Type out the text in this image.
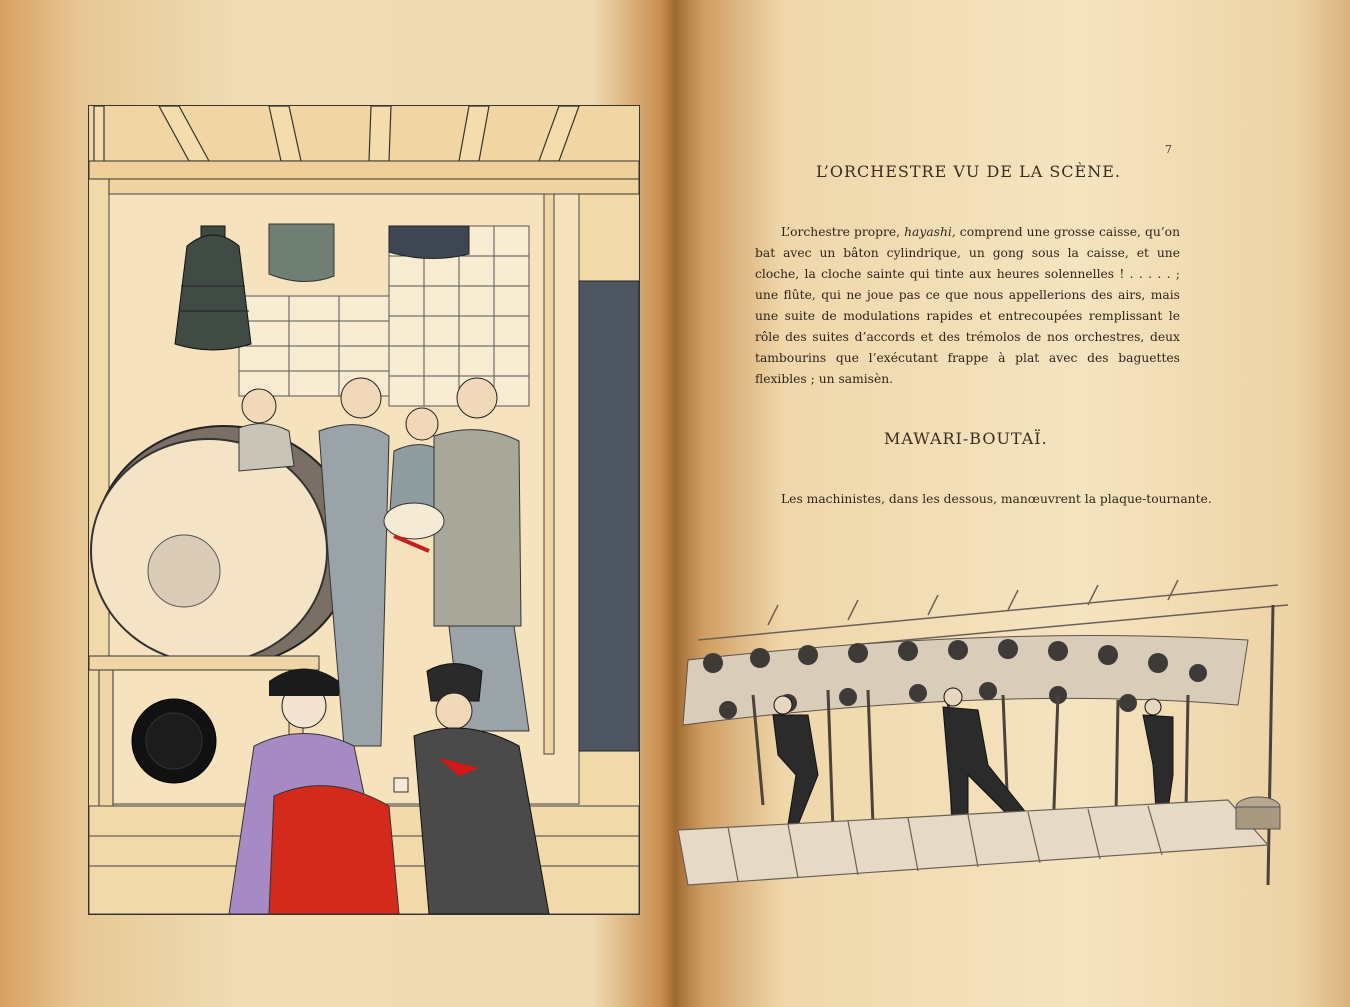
7
L’ORCHESTRE VU DE LA SCÈNE.
L’orchestre propre, hayashi, comprend une grosse caisse, qu’on bat avec un bâton cylindrique, un gong sous la caisse, et une cloche, la cloche sainte qui tinte aux heures solennelles ! . . . . . ; une flûte, qui ne joue pas ce que nous appellerions des airs, mais une suite de modulations rapides et entrecoupées remplissant le rôle des suites d’accords et des trémolos de nos orchestres, deux tambourins que l’exécutant frappe à plat avec des baguettes flexibles ; un samisèn.
MAWARI-BOUTAÏ.
Les machinistes, dans les dessous, manœuvrent la plaque-tournante.
